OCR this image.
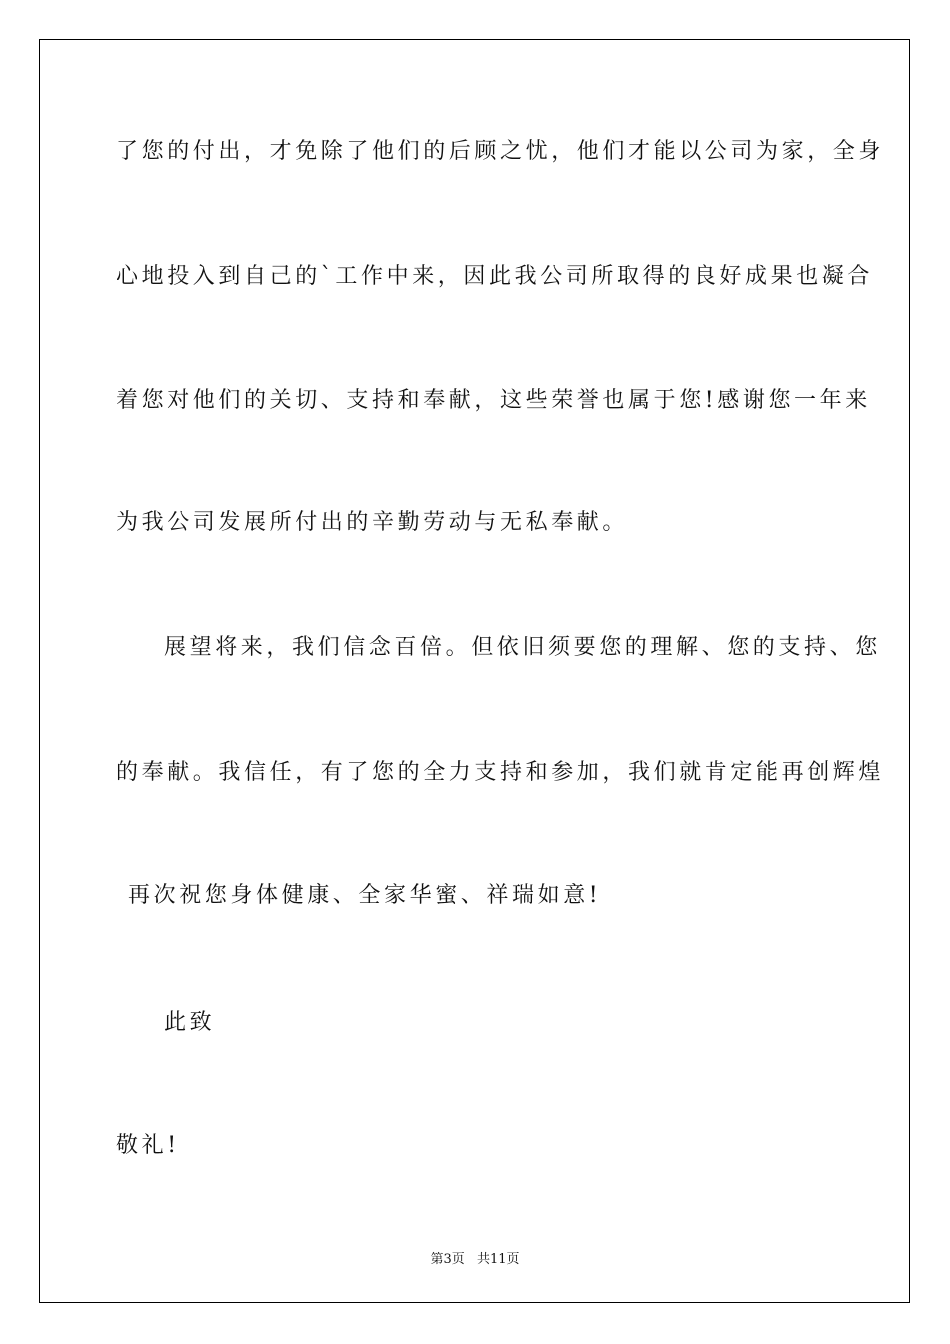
了您的付出，才免除了他们的后顾之忧，他们才能以公司为家，全身
心地投入到自己的`工作中来，因此我公司所取得的良好成果也凝合
着您对他们的关切、支持和奉献，这些荣誉也属于您!感谢您一年来
为我公司发展所付出的辛勤劳动与无私奉献。
展望将来，我们信念百倍。但依旧须要您的理解、您的支持、您
的奉献。我信任，有了您的全力支持和参加，我们就肯定能再创辉煌
再次祝您身体健康、全家华蜜、祥瑞如意!
此致
敬礼!
第3页 共11页
